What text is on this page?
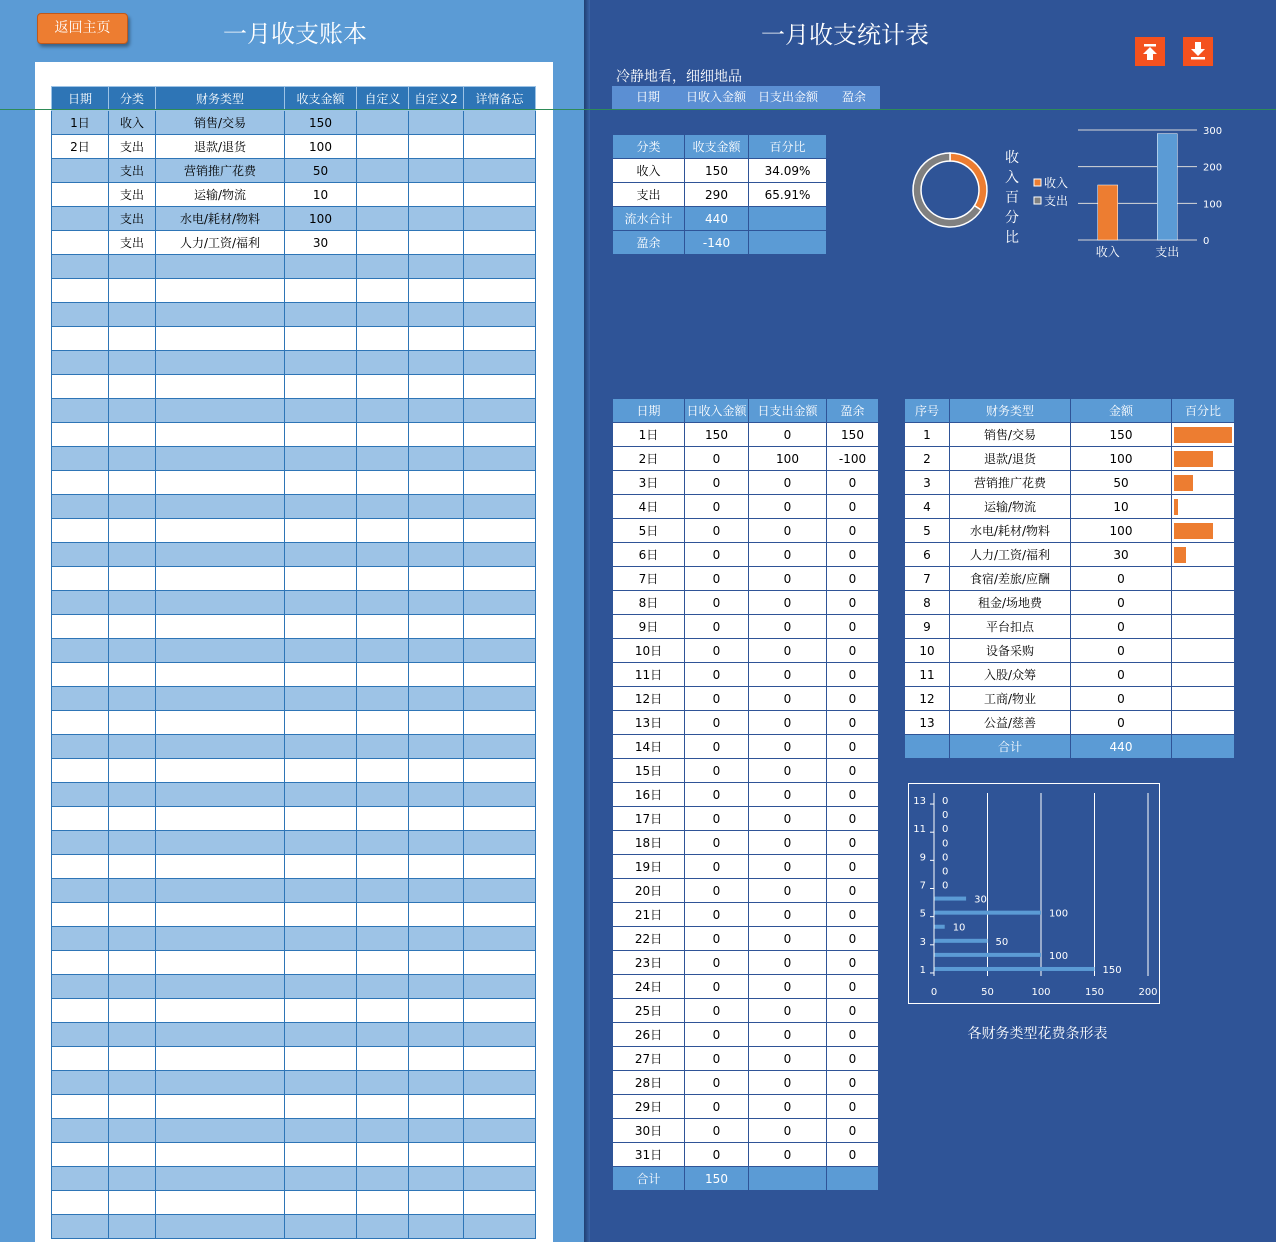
返回主页	一月收支账本
日期	分类	财务类型	收支金额	自定义	自定义2	详情备忘
1日	收入	销售/交易	150			
2日	支出	退款/退货	100			
	支出	营销推广花费	50			
	支出	运输/物流	10			
	支出	水电/耗材/物料	100			
	支出	人力/工资/福利	30			

一月收支统计表
冷静地看，细细地品
日期	日收入金额 日支出金额	盈余
分类	收支金额	百分比
收入	150	34.09%
支出	290	65.91%
流水合计	440	
盈余	-140	
收
入
百
分
比
收入
支出
0
100
200
300
收入	支出
日期	日收入金额	日支出金额	盈余
1日	150	0	150
2日	0	100	-100
3日	0	0	0
4日	0	0	0
5日	0	0	0
6日	0	0	0
7日	0	0	0
8日	0	0	0
9日	0	0	0
10日	0	0	0
11日	0	0	0
12日	0	0	0
13日	0	0	0
14日	0	0	0
15日	0	0	0
16日	0	0	0
17日	0	0	0
18日	0	0	0
19日	0	0	0
20日	0	0	0
21日	0	0	0
22日	0	0	0
23日	0	0	0
24日	0	0	0
25日	0	0	0
26日	0	0	0
27日	0	0	0
28日	0	0	0
29日	0	0	0
30日	0	0	0
31日	0	0	0
合计	150		
序号	财务类型	金额	百分比
1	销售/交易	150	

2	退款/退货	100	

3	营销推广花费	50	

4	运输/物流	10	

5	水电/耗材/物料	100	

6	人力/工资/福利	30	

7	食宿/差旅/应酬	0	
8	租金/场地费	0	
9	平台扣点	0	
10	设备采购	0	
11	入股/众筹	0	
12	工商/物业	0	
13	公益/慈善	0	
	合计	440	
0	50	100	150	200
150
100
50
10
100
30
0
0
0
0
0
0
0
1
3
5
7
9
11
13
各财务类型花费条形表
